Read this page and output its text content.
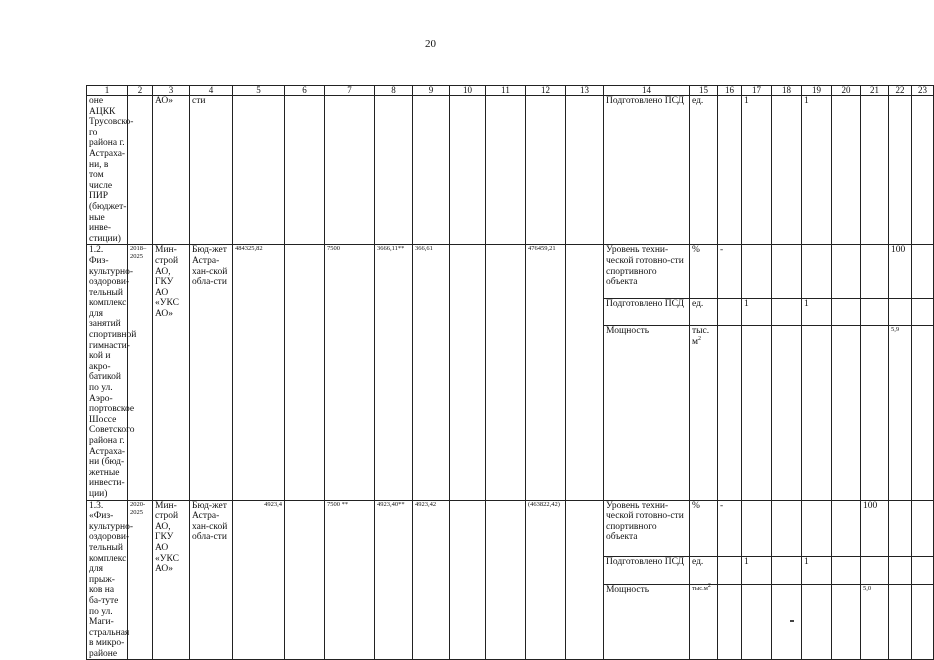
20
1	2	3	4	5	6	7	8	9	10	11	12	13	14	15	16	17	18	19	20	21	22	23
оне АЦКК Трусовско-го района г. Астраха-ни, в том числе ПИР (бюджет-ные инве-стиции)		АО»	сти										Подготовлено ПСД	ед.		1		1				
1.2. Физ-культурно-оздорови-тельный комплекс для занятий спортивной гимнасти-кой и акро-батикой по ул. Аэро-портовское Шоссе Советского района г. Астраха-ни (бюд-жетные инвести-ции)	2018–2025	Мин-строй АО, ГКУ АО «УКС АО»	Бюд-жет Астра-хан-ской обла-сти	484325,82		7500	3666,11**	366,61			476459,21		Уровень техни-ческой готовно-сти спортивного объекта	%	-						100	
													Подготовлено ПСД	ед.		1		1				
													Мощность	тыс. $м^2$							5,9	
1.3. «Физ-культурно-оздорови-тельный комплекс для прыж-ков на ба-туте по ул. Маги-стральная в микро-районе	2020-2025	Мин-строй АО, ГКУ АО «УКС АО»	Бюд-жет Астра-хан-ской обла-сти	4923,4		7500 **	4923,40**	4923,42			(463822,42)		Уровень техни-ческой готовно-сти спортивного объекта	%	-					100		
													Подготовлено ПСД	ед.		1		1				
													Мощность	$тыс.м^2$						5,0		
